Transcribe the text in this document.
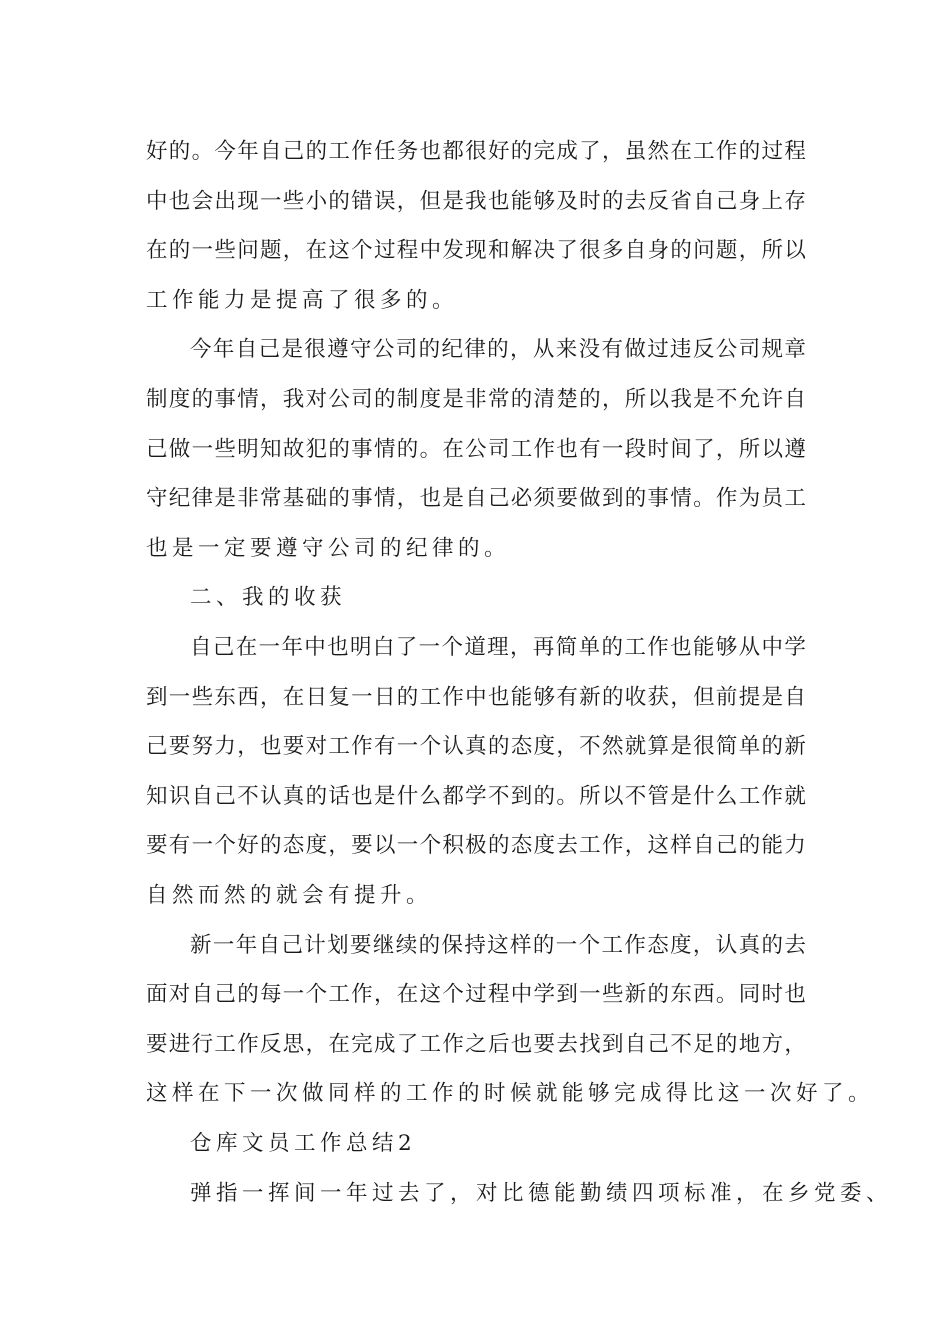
好 的 。 今 年 自 己 的 工 作 任 务 也 都 很 好 的 完 成 了 ， 虽 然 在 工 作 的 过 程
中 也 会 出 现 一 些 小 的 错 误 ， 但 是 我 也 能 够 及 时 的 去 反 省 自 己 身 上 存
在 的 一 些 问 题 ， 在 这 个 过 程 中 发 现 和 解 决 了 很 多 自 身 的 问 题 ， 所 以
工作能力是提高了很多的。
今 年 自 己 是 很 遵 守 公 司 的 纪 律 的 ， 从 来 没 有 做 过 违 反 公 司 规 章
制 度 的 事 情 ， 我 对 公 司 的 制 度 是 非 常 的 清 楚 的 ， 所 以 我 是 不 允 许 自
己 做 一 些 明 知 故 犯 的 事 情 的 。 在 公 司 工 作 也 有 一 段 时 间 了 ， 所 以 遵
守 纪 律 是 非 常 基 础 的 事 情 ， 也 是 自 己 必 须 要 做 到 的 事 情 。 作 为 员 工
也是一定要遵守公司的纪律的。
二、我的收获
自 己 在 一 年 中 也 明 白 了 一 个 道 理 ， 再 简 单 的 工 作 也 能 够 从 中 学
到 一 些 东 西 ， 在 日 复 一 日 的 工 作 中 也 能 够 有 新 的 收 获 ， 但 前 提 是 自
己 要 努 力 ， 也 要 对 工 作 有 一 个 认 真 的 态 度 ， 不 然 就 算 是 很 简 单 的 新
知 识 自 己 不 认 真 的 话 也 是 什 么 都 学 不 到 的 。 所 以 不 管 是 什 么 工 作 就
要 有 一 个 好 的 态 度 ， 要 以 一 个 积 极 的 态 度 去 工 作 ， 这 样 自 己 的 能 力
自然而然的就会有提升。
新 一 年 自 己 计 划 要 继 续 的 保 持 这 样 的 一 个 工 作 态 度 ， 认 真 的 去
面 对 自 己 的 每 一 个 工 作 ， 在 这 个 过 程 中 学 到 一 些 新 的 东 西 。 同 时 也
要 进 行 工 作 反 思 ， 在 完 成 了 工 作 之 后 也 要 去 找 到 自 己 不 足 的 地 方 ，
这样在下一次做同样的工作的时候就能够完成得比这一次好了。
仓库文员工作总结2
弹指一挥间一年过去了，对比德能勤绩四项标准，在乡党委、
